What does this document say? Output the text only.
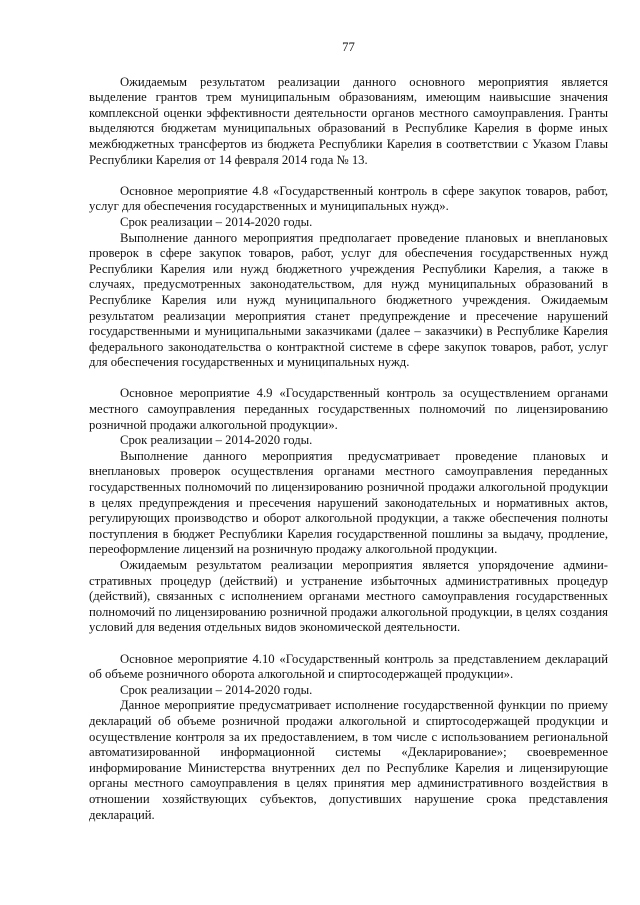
77

Ожидаемым результатом реализации данного основного мероприятия является выделение грантов трем муниципальным образованиям, имеющим наивысшие значения комплексной оценки эффективности деятельности органов местного самоуправления. Гранты выделяются бюджетам муниципальных образований в Республике Карелия в форме иных межбюджетных трансфертов из бюджета Республики Карелия в соответствии с Указом Главы Республики Карелия от 14 февраля 2014 года № 13.

Основное мероприятие 4.8 «Государственный контроль в сфере закупок товаров, работ, услуг для обеспечения государственных и муниципальных нужд».

Срок реализации – 2014-2020 годы.

Выполнение данного мероприятия предполагает проведение плановых и внеплановых проверок в сфере закупок товаров, работ, услуг для обеспечения государственных нужд Республики Карелия или нужд бюджетного учреждения Республики Карелия, а также в случаях, предусмотренных законодательством, для нужд муниципальных образований в Республике Карелия или нужд муниципального бюджетного учреждения. Ожидаемым результатом реализации мероприятия станет предупреждение и пресечение нарушений государственными и муниципальными заказчиками (далее – заказчики) в Республике Карелия федерального законодательства о контрактной системе в сфере закупок товаров, работ, услуг для обеспечения государственных и муниципальных нужд.

Основное мероприятие 4.9 «Государственный контроль за осуществлением органами местного самоуправления переданных государственных полномочий по лицензированию розничной продажи алкогольной продукции».

Срок реализации – 2014-2020 годы.

Выполнение данного мероприятия предусматривает проведение плановых и внеплановых проверок осуществления органами местного самоуправления переданных государственных полномочий по лицензированию розничной продажи алкогольной продукции в целях предупреждения и пресечения нарушений законодательных и нормативных актов, регулирующих производство и оборот алкогольной продукции, а также обеспечения полноты поступления в бюджет Республики Карелия государственной пошлины за выдачу, продление, переоформление лицензий на розничную продажу алкогольной продукции.

Ожидаемым результатом реализации мероприятия является упорядочение административных процедур (действий) и устранение избыточных административных процедур (действий), связанных с исполнением органами местного самоуправления государственных полномочий по лицензированию розничной продажи алкогольной продукции, в целях создания условий для ведения отдельных видов экономической деятельности.

Основное мероприятие 4.10 «Государственный контроль за представлением деклараций об объеме розничного оборота алкогольной и спиртосодержащей продукции».

Срок реализации – 2014-2020 годы.

Данное мероприятие предусматривает исполнение государственной функции по приему деклараций об объеме розничной продажи алкогольной и спиртосодержащей продукции и осуществление контроля за их предоставлением, в том числе с использованием региональной автоматизированной информационной системы «Декларирование»; своевременное информирование Министерства внутренних дел по Республике Карелия и лицензирующие органы местного самоуправления в целях принятия мер административного воздействия в отношении хозяйствующих субъектов, допустивших нарушение срока представления деклараций.
